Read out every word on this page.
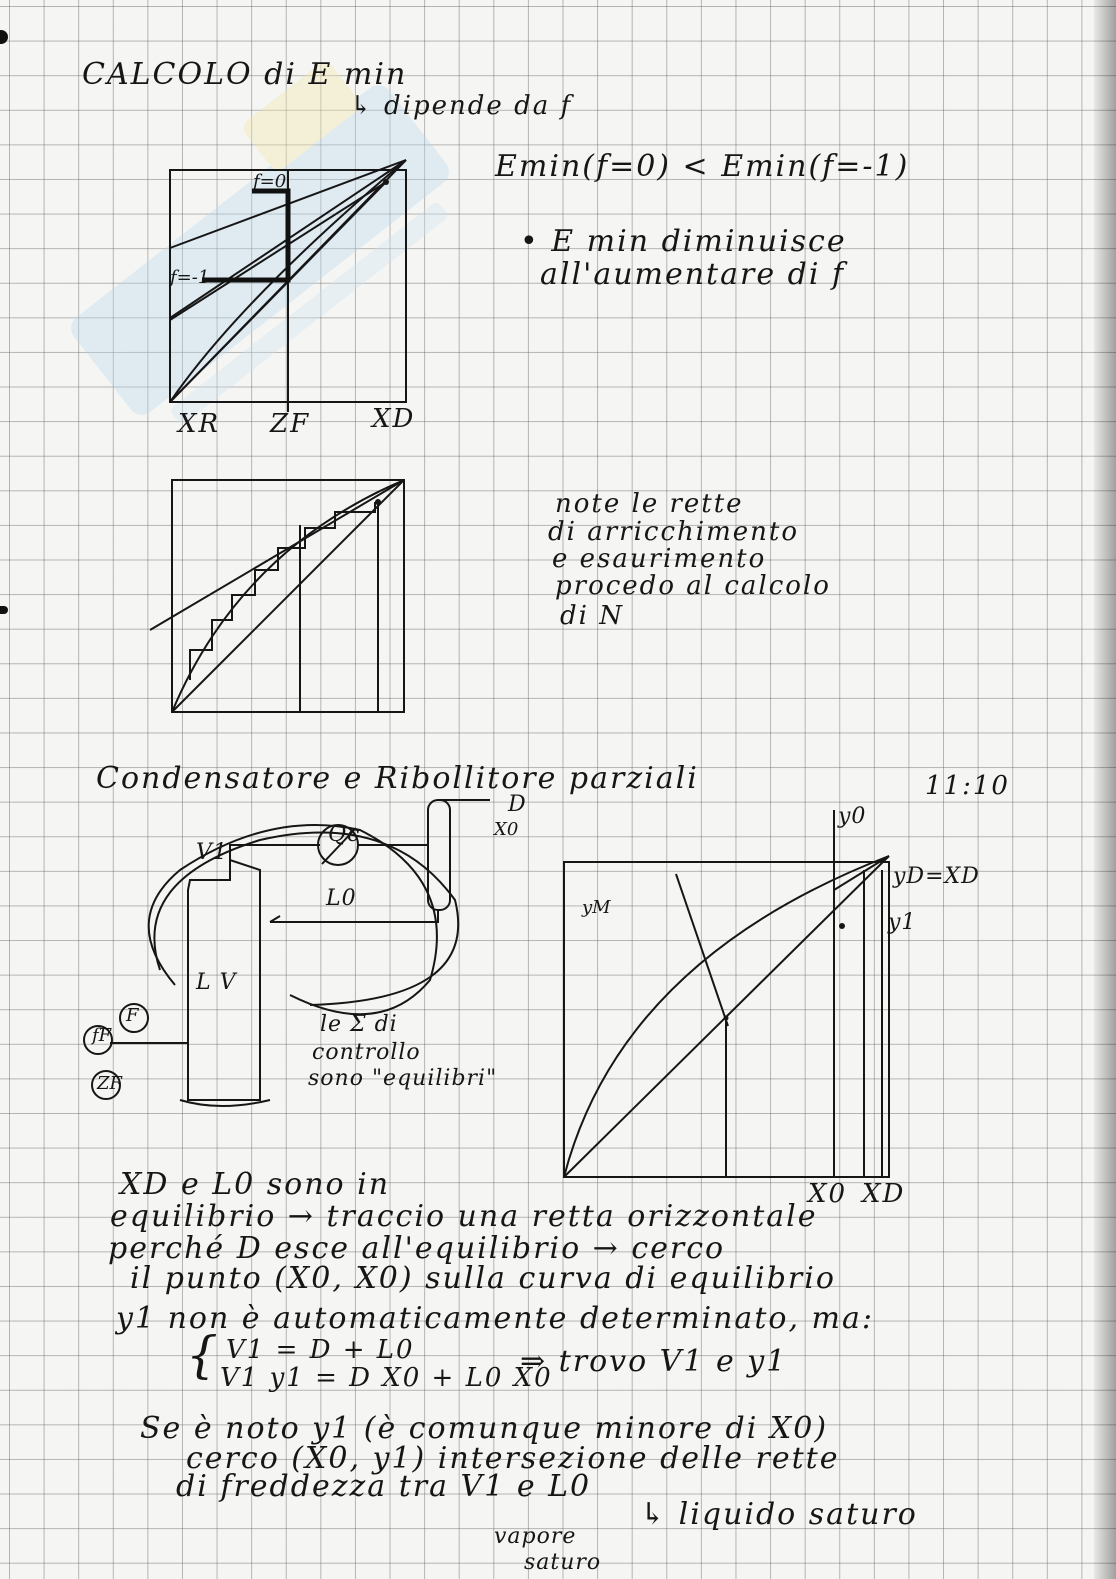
CALCOLO di E min
↳ dipende da f
f=0
f=-1
XR ZF XD
Emin(f=0) < Emin(f=-1)
• E min diminuisce
all'aumentare di f
note le rette
di arricchimento
e esaurimento
procedo al calcolo
di N
Condensatore e Ribollitore parziali	11:10
Qc
D
X0
V1
L0
L V
fF
F
ZF
le Σ di
controllo
sono "equilibri"
y0
yD=XD
y1
yM
X0 XD
XD e L0 sono in
equilibrio → traccio una retta orizzontale
perché D esce all'equilibrio → cerco
il punto (X0, X0) sulla curva di equilibrio
y1 non è automaticamente determinato, ma:
{ V1 = D + L0
V1 y1 = D X0 + L0 X0
⇒ trovo V1 e y1
Se è noto y1 (è comunque minore di X0)
cerco (X0, y1) intersezione delle rette
di freddezza tra V1 e L0
↳ liquido saturo
vapore
saturo
